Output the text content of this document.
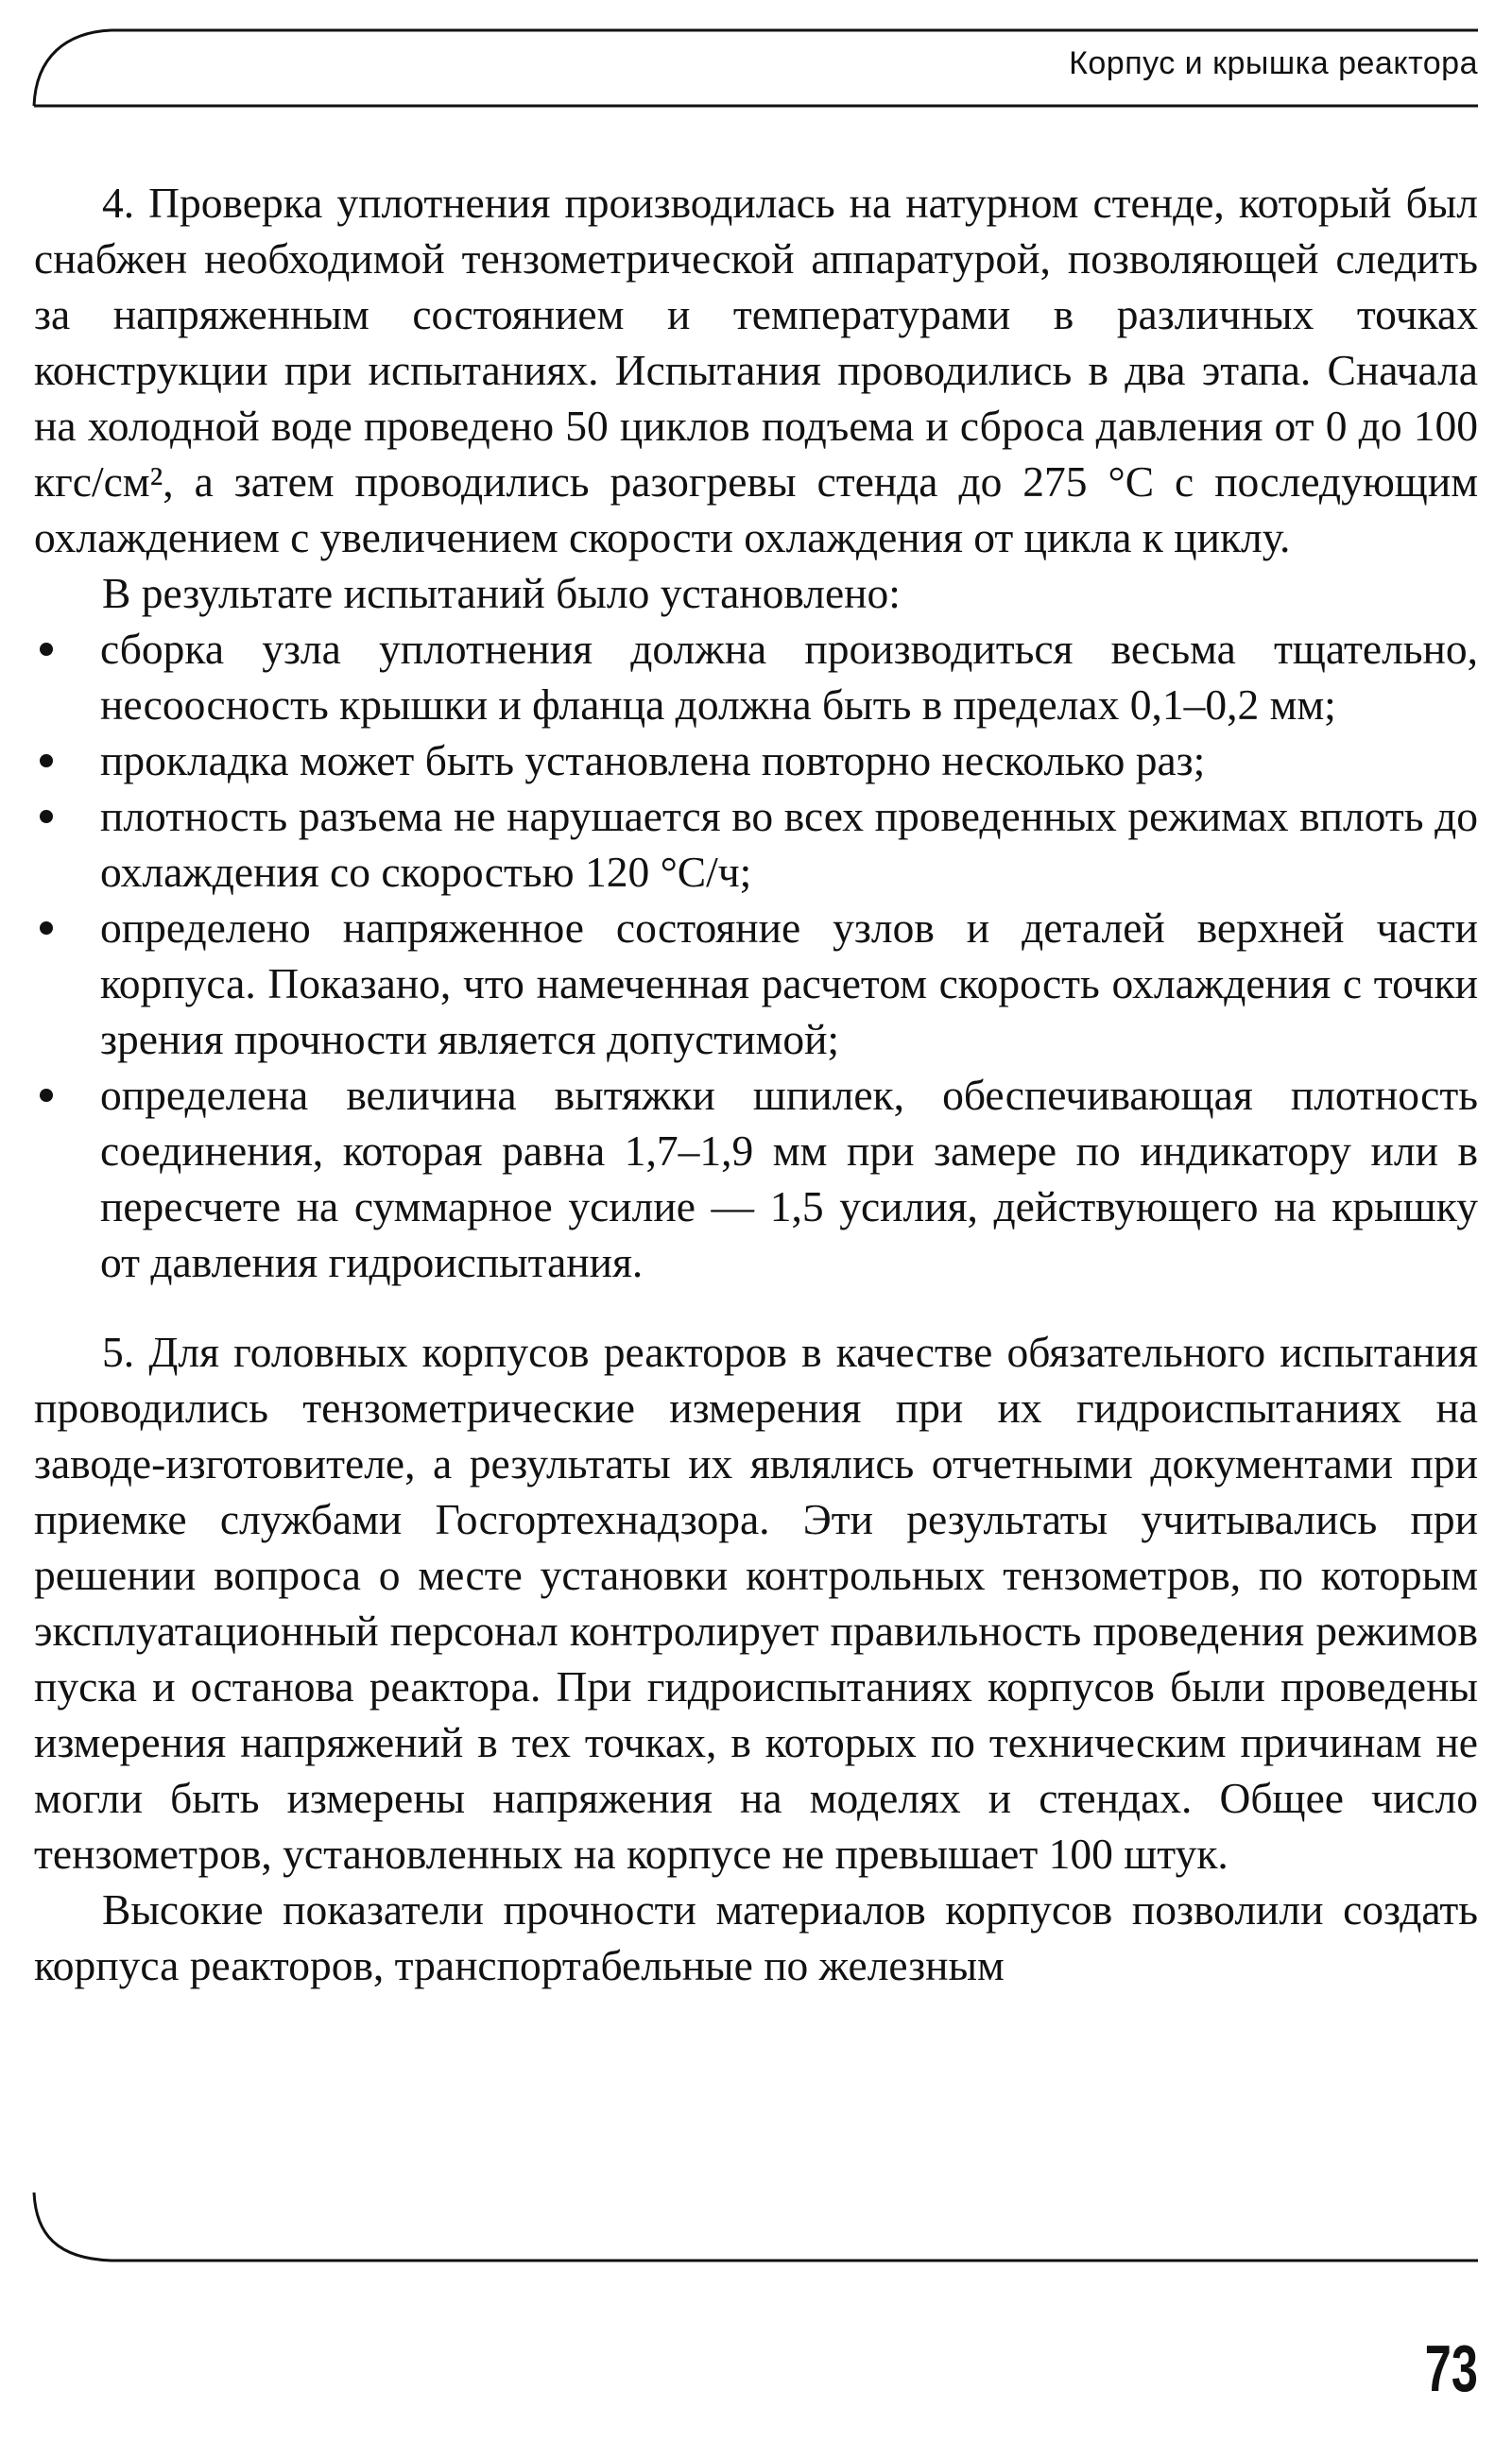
Корпус и крышка реактора

4. Проверка уплотнения производилась на натурном стенде, который был снабжен необходимой тензометрической аппаратурой, позволяющей следить за напряженным состоянием и температурами в различных точках конструкции при испытаниях. Испытания проводились в два этапа. Сначала на холодной воде проведено 50 циклов подъема и сброса давления от 0 до 100 кгс/см², а затем проводились разогревы стенда до 275 °C с последующим охлаждением с увеличением скорости охлаждения от цикла к циклу.

В результате испытаний было установлено:

сборка узла уплотнения должна производиться весьма тщательно, несоосность крышки и фланца должна быть в пределах 0,1–0,2 мм;
прокладка может быть установлена повторно несколько раз;
плотность разъема не нарушается во всех проведенных режимах вплоть до охлаждения со скоростью 120 °C/ч;
определено напряженное состояние узлов и деталей верхней части корпуса. Показано, что намеченная расчетом скорость охлаждения с точки зрения прочности является допустимой;
определена величина вытяжки шпилек, обеспечивающая плотность соединения, которая равна 1,7–1,9 мм при замере по индикатору или в пересчете на суммарное усилие — 1,5 усилия, действующего на крышку от давления гидроиспытания.

5. Для головных корпусов реакторов в качестве обязательного испытания проводились тензометрические измерения при их гидроиспытаниях на заводе-изготовителе, а результаты их являлись отчетными документами при приемке службами Госгортехнадзора. Эти результаты учитывались при решении вопроса о месте установки контрольных тензометров, по которым эксплуатационный персонал контролирует правильность проведения режимов пуска и останова реактора. При гидроиспытаниях корпусов были проведены измерения напряжений в тех точках, в которых по техническим причинам не могли быть измерены напряжения на моделях и стендах. Общее число тензометров, установленных на корпусе не превышает 100 штук.

Высокие показатели прочности материалов корпусов позволили создать корпуса реакторов, транспортабельные по железным

73
